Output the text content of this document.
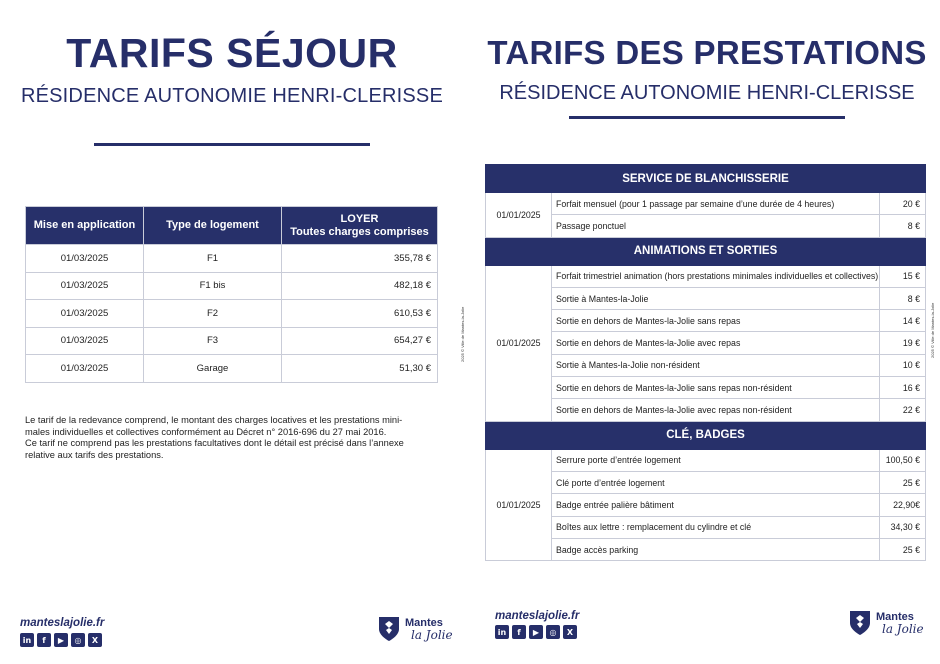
TARIFS SÉJOUR
RÉSIDENCE AUTONOMIE HENRI-CLERISSE
Mise en application	Type de logement	LOYER
Toutes charges comprises

01/03/2025	F1	355,78 €
01/03/2025	F1 bis	482,18 €
01/03/2025	F2	610,53 €
01/03/2025	F3	654,27 €
01/03/2025	Garage	51,30 €
Le tarif de la redevance comprend, le montant des charges locatives et les prestations mini-
males individuelles et collectives conformément au Décret n° 2016-696 du 27 mai 2016.
Ce tarif ne comprend pas les prestations facultatives dont le détail est précisé dans l’annexe
relative aux tarifs des prestations.
2025 © Ville de Mantes-la-Jolie
manteslajolie.fr
in	f	▶	◎	X
Mantes
la Jolie
TARIFS DES PRESTATIONS
RÉSIDENCE AUTONOMIE HENRI-CLERISSE
SERVICE DE BLANCHISSERIE		
01/01/2025	Forfait mensuel (pour 1 passage par semaine d’une durée de 4 heures)	20 €
	Passage ponctuel	8 €
ANIMATIONS ET SORTIES		
01/01/2025	Forfait trimestriel animation (hors prestations minimales individuelles et collectives)	15 €
	Sortie à Mantes-la-Jolie	8 €
	Sortie en dehors de Mantes-la-Jolie sans repas	14 €
	Sortie en dehors de Mantes-la-Jolie avec repas	19 €
	Sortie à Mantes-la-Jolie non-résident	10 €
	Sortie en dehors de Mantes-la-Jolie sans repas non-résident	16 €
	Sortie en dehors de Mantes-la-Jolie avec repas non-résident	22 €
CLÉ, BADGES		
01/01/2025	Serrure porte d’entrée logement	100,50 €
	Clé porte d’entrée logement	25 €
	Badge entrée palière bâtiment	22,90€
	Boîtes aux lettre : remplacement du cylindre et clé	34,30 €
	Badge accès parking	25 €
2025 © Ville de Mantes-la-Jolie
manteslajolie.fr
in	f	▶	◎	X
Mantes
la Jolie
